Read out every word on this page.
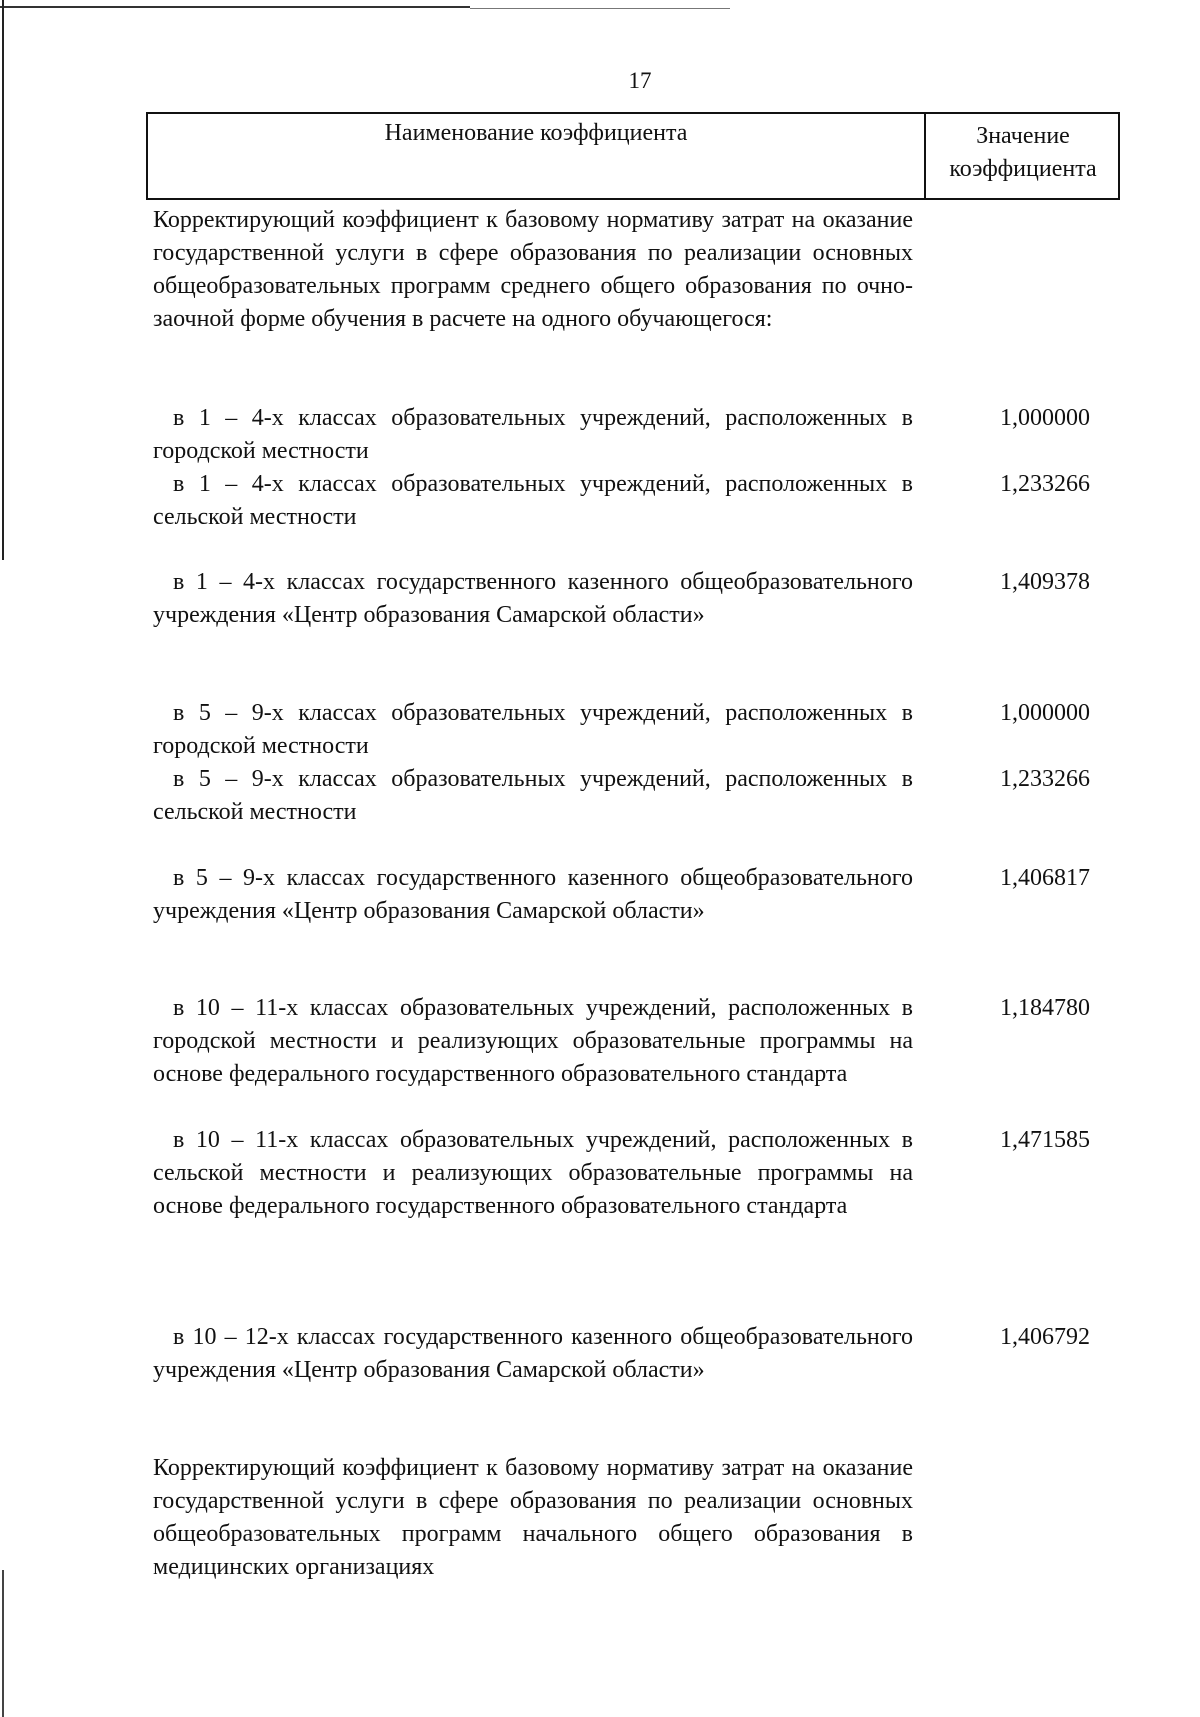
17
Наименование коэффициента	Значение
коэффициента

Корректирующий коэффициент к базовому нормативу затрат на оказание государственной услуги в сфере образования по реализации основных общеобразовательных программ среднего общего образования по очно-заочной форме обучения в расчете на одного обучающегося:

в 1 – 4-х классах образовательных учреждений, расположенных в городской местности

1,000000

в 1 – 4-х классах образовательных учреждений, расположенных в сельской местности

1,233266

в 1 – 4-х классах государственного казенного общеобразовательного учреждения «Центр образования Самарской области»

1,409378

в 5 – 9-х классах образовательных учреждений, расположенных в городской местности

1,000000

в 5 – 9-х классах образовательных учреждений, расположенных в сельской местности

1,233266

в 5 – 9-х классах государственного казенного общеобразовательного учреждения «Центр образования Самарской области»

1,406817

в 10 – 11-х классах образовательных учреждений, расположенных в городской местности и реализующих образовательные программы на основе федерального государственного образовательного стандарта

1,184780

в 10 – 11-х классах образовательных учреждений, расположенных в сельской местности и реализующих образовательные программы на основе федерального государственного образовательного стандарта

1,471585

в 10 – 12-х классах государственного казенного общеобразовательного учреждения «Центр образования Самарской области»

1,406792

Корректирующий коэффициент к базовому нормативу затрат на оказание государственной услуги в сфере образования по реализации основных общеобразовательных программ начального общего образования в медицинских организациях
